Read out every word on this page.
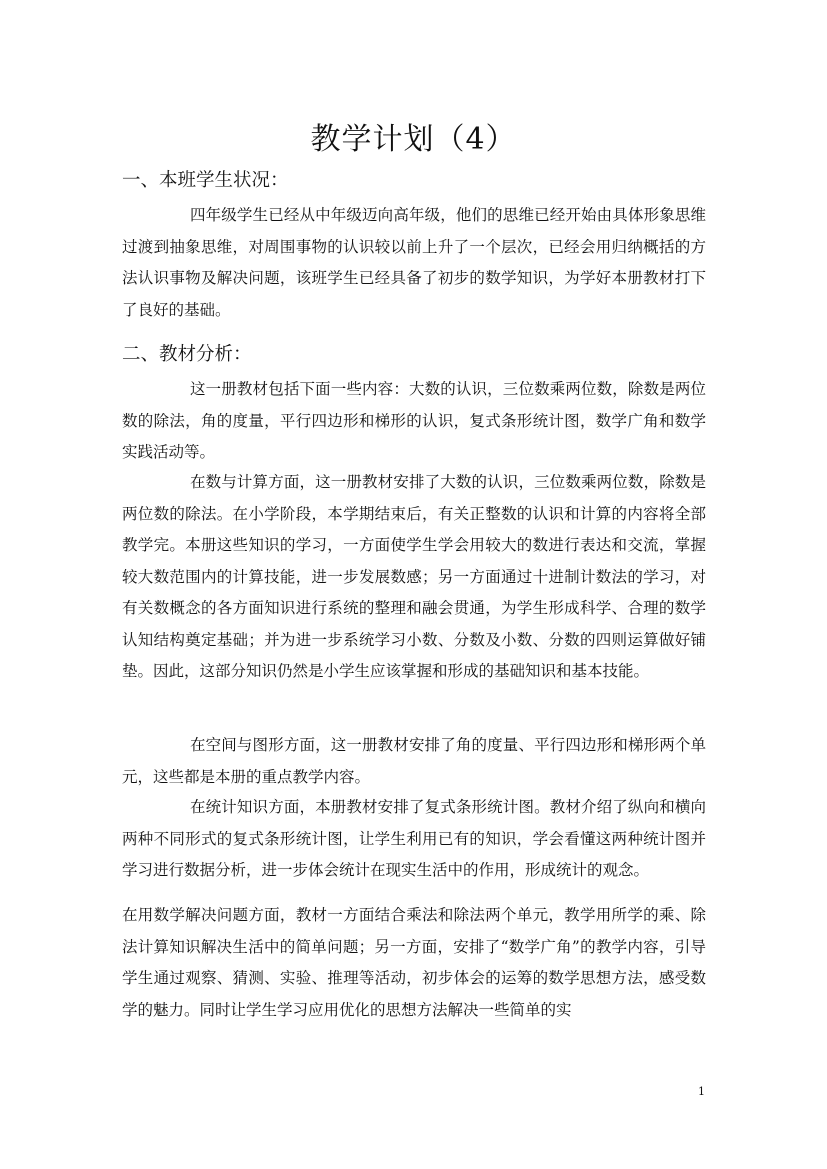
教学计划（4）
一、本班学生状况：

四年级学生已经从中年级迈向高年级，他们的思维已经开始由具体形象思维过渡到抽象思维，对周围事物的认识较以前上升了一个层次，已经会用归纳概括的方法认识事物及解决问题，该班学生已经具备了初步的数学知识，为学好本册教材打下了良好的基础。

二、教材分析：

这一册教材包括下面一些内容：大数的认识，三位数乘两位数，除数是两位数的除法，角的度量，平行四边形和梯形的认识，复式条形统计图，数学广角和数学实践活动等。

在数与计算方面，这一册教材安排了大数的认识，三位数乘两位数，除数是两位数的除法。在小学阶段，本学期结束后，有关正整数的认识和计算的内容将全部教学完。本册这些知识的学习，一方面使学生学会用较大的数进行表达和交流，掌握较大数范围内的计算技能，进一步发展数感；另一方面通过十进制计数法的学习，对有关数概念的各方面知识进行系统的整理和融会贯通，为学生形成科学、合理的数学认知结构奠定基础；并为进一步系统学习小数、分数及小数、分数的四则运算做好铺垫。因此，这部分知识仍然是小学生应该掌握和形成的基础知识和基本技能。

在空间与图形方面，这一册教材安排了角的度量、平行四边形和梯形两个单元，这些都是本册的重点教学内容。

在统计知识方面，本册教材安排了复式条形统计图。教材介绍了纵向和横向两种不同形式的复式条形统计图，让学生利用已有的知识，学会看懂这两种统计图并学习进行数据分析，进一步体会统计在现实生活中的作用，形成统计的观念。

在用数学解决问题方面，教材一方面结合乘法和除法两个单元，教学用所学的乘、除法计算知识解决生活中的简单问题；另一方面，安排了“数学广角”的教学内容，引导学生通过观察、猜测、实验、推理等活动，初步体会的运筹的数学思想方法，感受数学的魅力。同时让学生学习应用优化的思想方法解决一些简单的实

1
